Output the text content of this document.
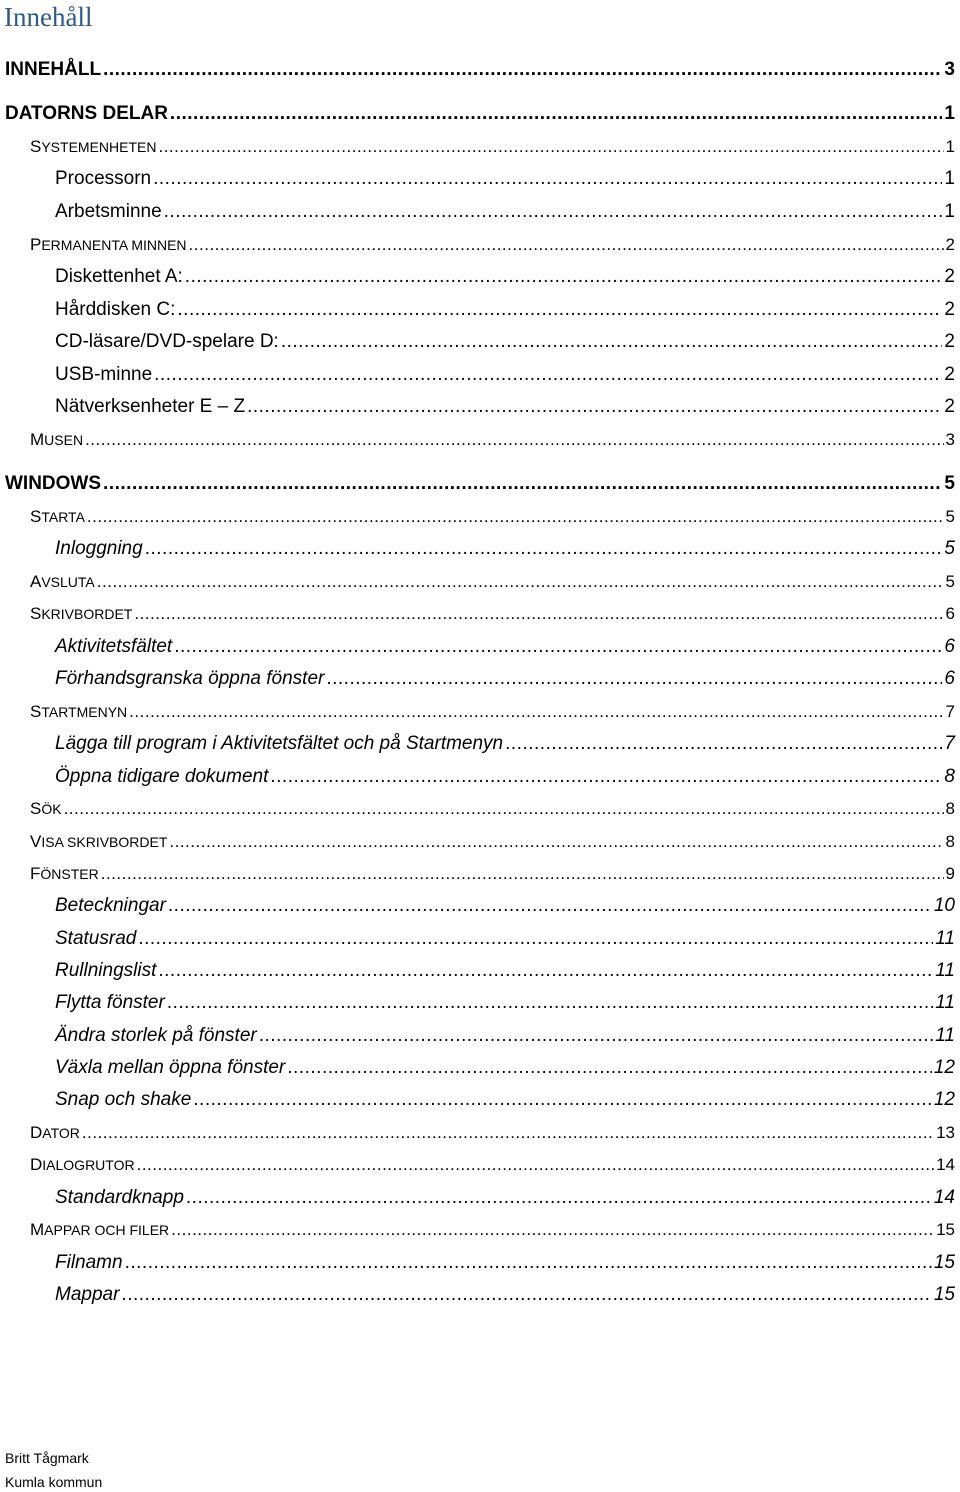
Innehåll
INNEHÅLL .....	3
DATORNS DELAR .....	1
SYSTEMENHETEN .....	1
Processorn .....	1
Arbetsminne .....	1
PERMANENTA MINNEN .....	2
Diskettenhet A: .....	2
Hårddisken C: .....	2
CD-läsare/DVD-spelare D: .....	2
USB-minne .....	2
Nätverksenheter E – Z .....	2
MUSEN .....	3
WINDOWS .....	5
STARTA .....	5
Inloggning .....	5
AVSLUTA .....	5
SKRIVBORDET .....	6
Aktivitetsfältet .....	6
Förhandsgranska öppna fönster .....	6
STARTMENYN .....	7
Lägga till program i Aktivitetsfältet och på Startmenyn .....	7
Öppna tidigare dokument .....	8
SÖK .....	8
VISA SKRIVBORDET .....	8
FÖNSTER .....	9
Beteckningar .....	10
Statusrad .....	11
Rullningslist .....	11
Flytta fönster .....	11
Ändra storlek på fönster .....	11
Växla mellan öppna fönster .....	12
Snap och shake .....	12
DATOR .....	13
DIALOGRUTOR .....	14
Standardknapp .....	14
MAPPAR OCH FILER .....	15
Filnamn .....	15
Mappar .....	15
Britt Tågmark
Kumla kommun
